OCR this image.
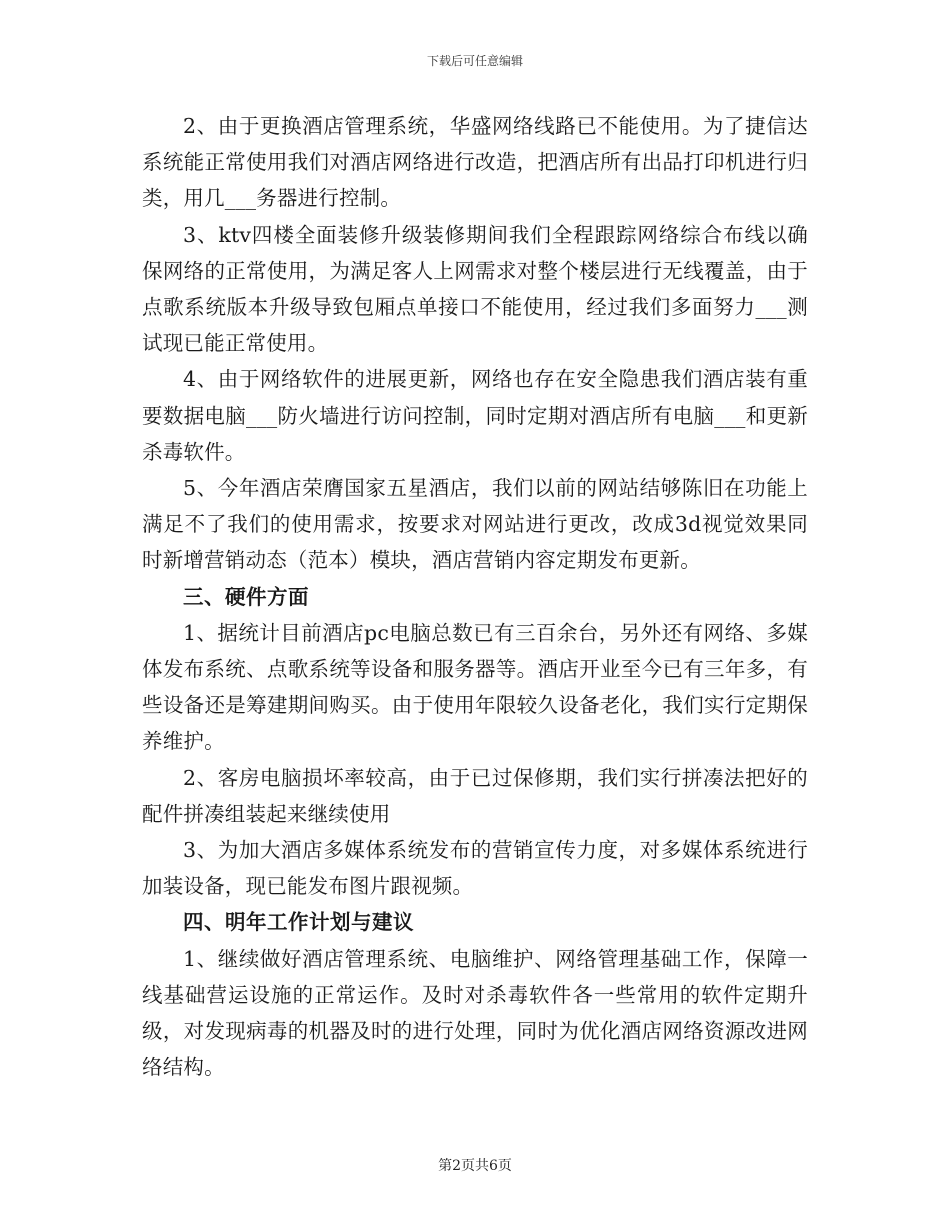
下载后可任意编辑

2、由于更换酒店管理系统，华盛网络线路已不能使用。为了捷信达系统能正常使用我们对酒店网络进行改造，把酒店所有出品打印机进行归类，用几___务器进行控制。

3、ktv四楼全面装修升级装修期间我们全程跟踪网络综合布线以确保网络的正常使用，为满足客人上网需求对整个楼层进行无线覆盖，由于点歌系统版本升级导致包厢点单接口不能使用，经过我们多面努力___测试现已能正常使用。

4、由于网络软件的进展更新，网络也存在安全隐患我们酒店装有重要数据电脑___防火墙进行访问控制，同时定期对酒店所有电脑___和更新杀毒软件。

5、今年酒店荣膺国家五星酒店，我们以前的网站结够陈旧在功能上满足不了我们的使用需求，按要求对网站进行更改，改成3d视觉效果同时新增营销动态（范本）模块，酒店营销内容定期发布更新。

三、硬件方面

1、据统计目前酒店pc电脑总数已有三百余台，另外还有网络、多媒体发布系统、点歌系统等设备和服务器等。酒店开业至今已有三年多，有些设备还是筹建期间购买。由于使用年限较久设备老化，我们实行定期保养维护。

2、客房电脑损坏率较高，由于已过保修期，我们实行拼凑法把好的配件拼凑组装起来继续使用

3、为加大酒店多媒体系统发布的营销宣传力度，对多媒体系统进行加装设备，现已能发布图片跟视频。

四、明年工作计划与建议

1、继续做好酒店管理系统、电脑维护、网络管理基础工作，保障一线基础营运设施的正常运作。及时对杀毒软件各一些常用的软件定期升级，对发现病毒的机器及时的进行处理，同时为优化酒店网络资源改进网络结构。

第2页共6页
